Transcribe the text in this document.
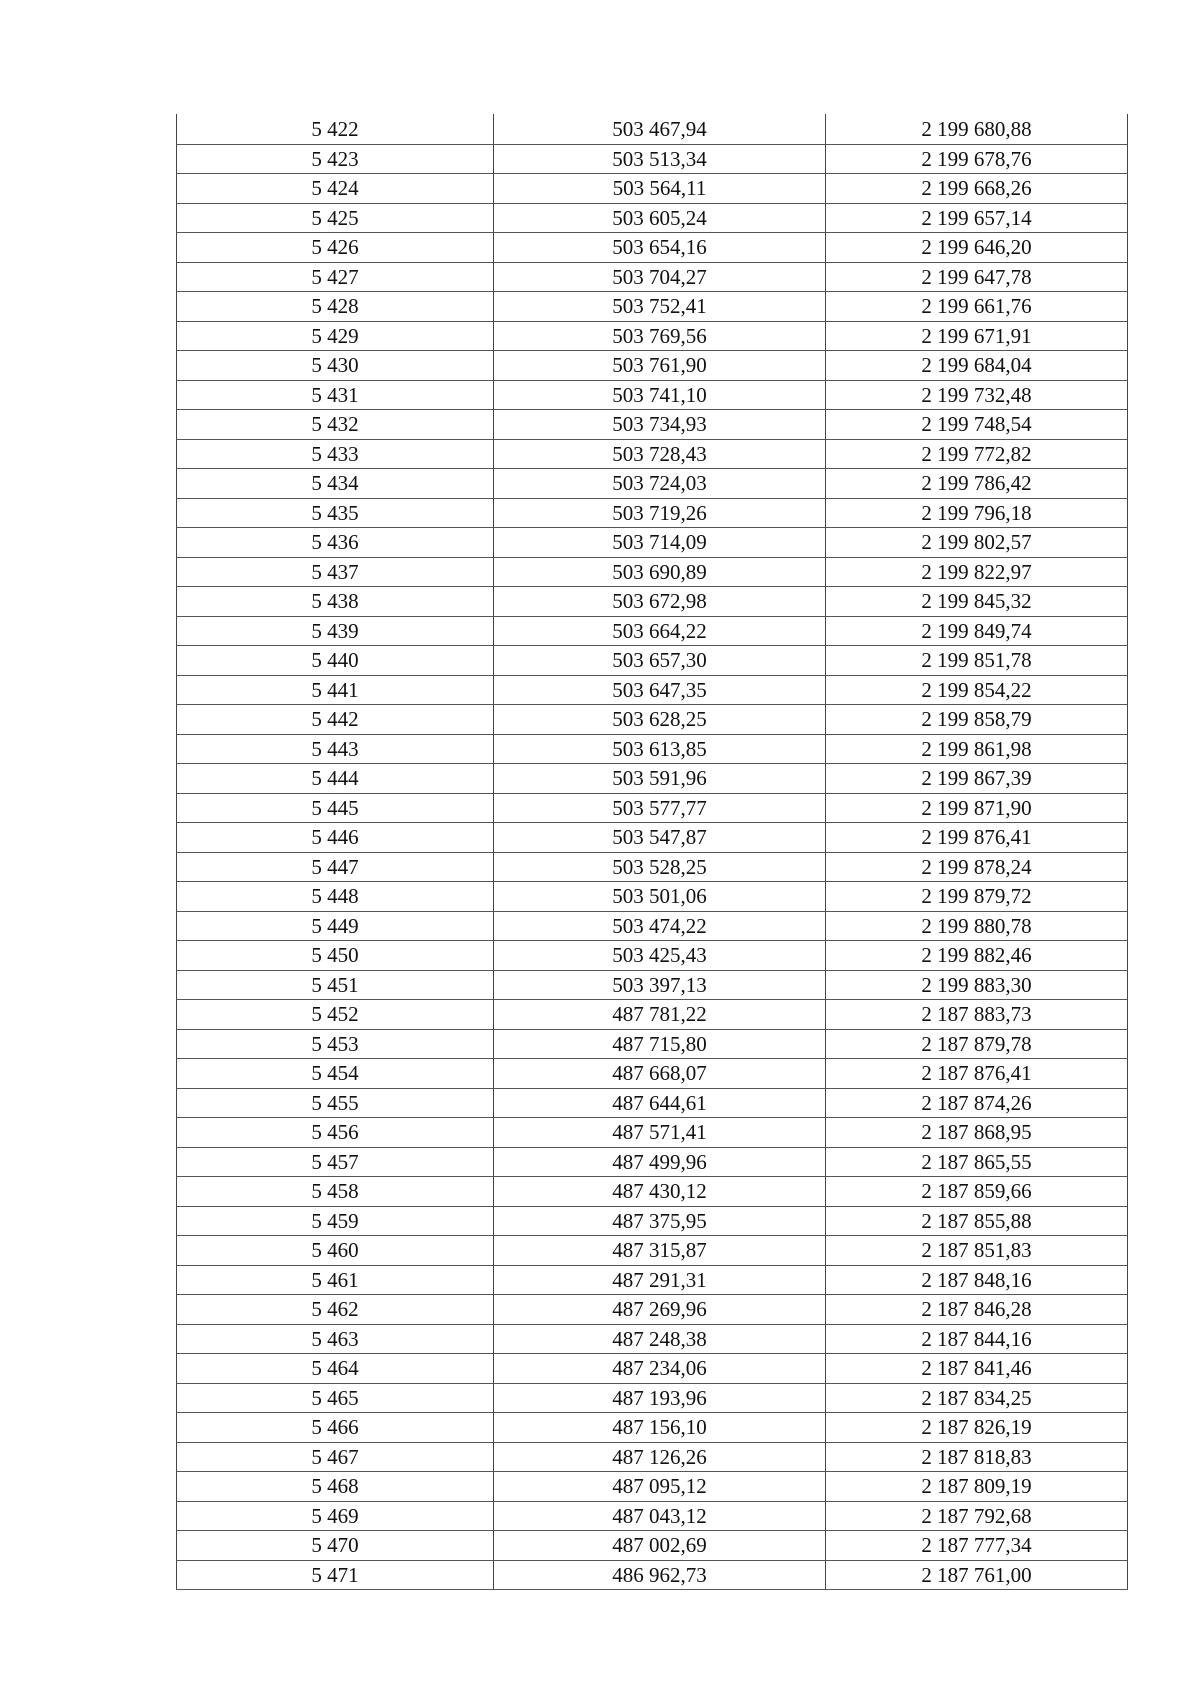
5 422	503 467,94	2 199 680,88
5 423	503 513,34	2 199 678,76
5 424	503 564,11	2 199 668,26
5 425	503 605,24	2 199 657,14
5 426	503 654,16	2 199 646,20
5 427	503 704,27	2 199 647,78
5 428	503 752,41	2 199 661,76
5 429	503 769,56	2 199 671,91
5 430	503 761,90	2 199 684,04
5 431	503 741,10	2 199 732,48
5 432	503 734,93	2 199 748,54
5 433	503 728,43	2 199 772,82
5 434	503 724,03	2 199 786,42
5 435	503 719,26	2 199 796,18
5 436	503 714,09	2 199 802,57
5 437	503 690,89	2 199 822,97
5 438	503 672,98	2 199 845,32
5 439	503 664,22	2 199 849,74
5 440	503 657,30	2 199 851,78
5 441	503 647,35	2 199 854,22
5 442	503 628,25	2 199 858,79
5 443	503 613,85	2 199 861,98
5 444	503 591,96	2 199 867,39
5 445	503 577,77	2 199 871,90
5 446	503 547,87	2 199 876,41
5 447	503 528,25	2 199 878,24
5 448	503 501,06	2 199 879,72
5 449	503 474,22	2 199 880,78
5 450	503 425,43	2 199 882,46
5 451	503 397,13	2 199 883,30
5 452	487 781,22	2 187 883,73
5 453	487 715,80	2 187 879,78
5 454	487 668,07	2 187 876,41
5 455	487 644,61	2 187 874,26
5 456	487 571,41	2 187 868,95
5 457	487 499,96	2 187 865,55
5 458	487 430,12	2 187 859,66
5 459	487 375,95	2 187 855,88
5 460	487 315,87	2 187 851,83
5 461	487 291,31	2 187 848,16
5 462	487 269,96	2 187 846,28
5 463	487 248,38	2 187 844,16
5 464	487 234,06	2 187 841,46
5 465	487 193,96	2 187 834,25
5 466	487 156,10	2 187 826,19
5 467	487 126,26	2 187 818,83
5 468	487 095,12	2 187 809,19
5 469	487 043,12	2 187 792,68
5 470	487 002,69	2 187 777,34
5 471	486 962,73	2 187 761,00
